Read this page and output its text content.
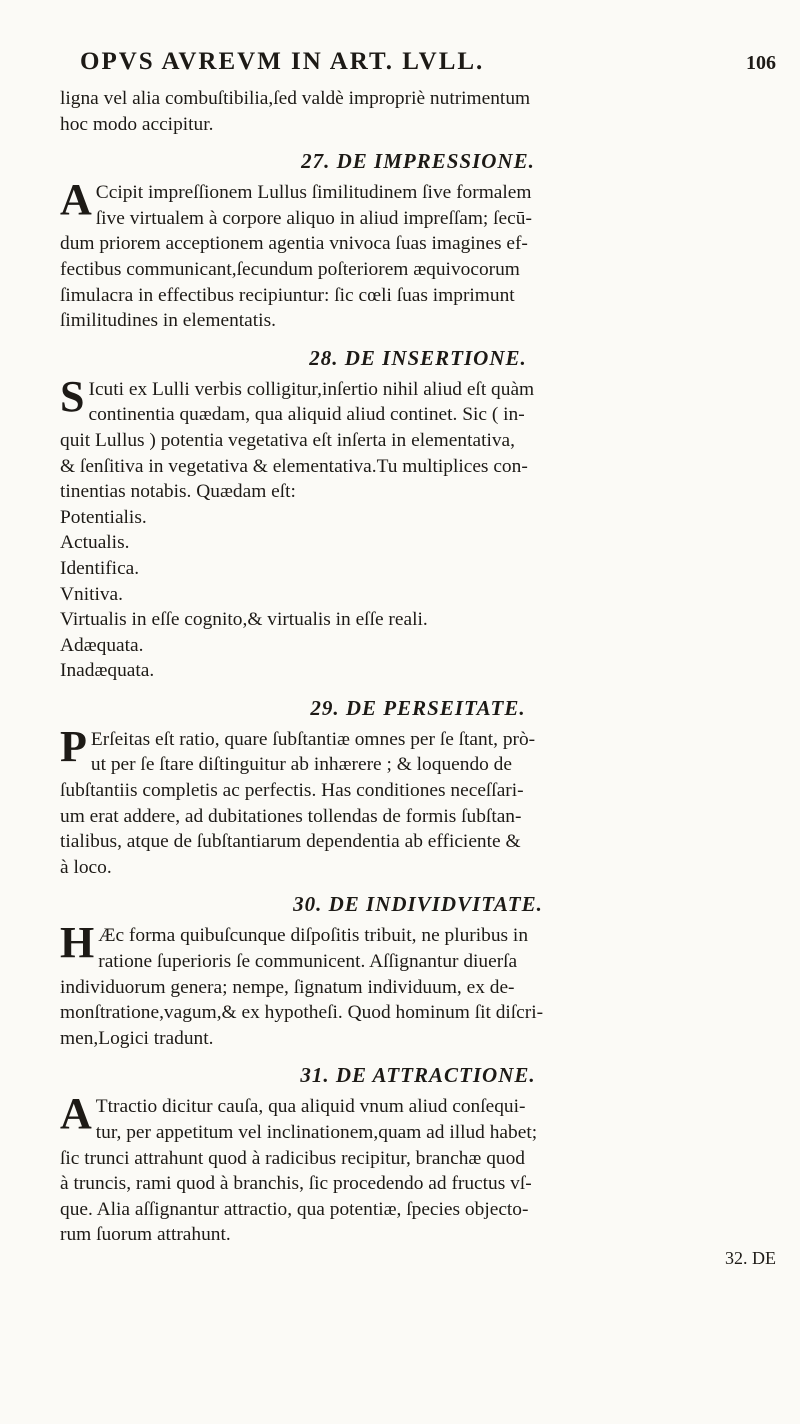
OPVS AVREVM IN ART. LVLL.	106

ligna vel alia combuſtibilia,ſed valdè impropriè nutrimentum
hoc modo accipitur.

27. DE IMPRESSIONE.

A Ccipit impreſſionem Lullus ſimilitudinem ſive formalem
ſive virtualem à corpore aliquo in aliud impreſſam; ſecū-
dum priorem acceptionem agentia vnivoca ſuas imagines ef-
fectibus communicant,ſecundum poſteriorem æquivocorum
ſimulacra in effectibus recipiuntur: ſic cœli ſuas imprimunt
ſimilitudines in elementatis.

28. DE INSERTIONE.

S Icuti ex Lulli verbis colligitur,inſertio nihil aliud eſt quàm
continentia quædam, qua aliquid aliud continet. Sic ( in-
quit Lullus ) potentia vegetativa eſt inſerta in elementativa,
& ſenſitiva in vegetativa & elementativa.Tu multiplices con-
tinentias notabis. Quædam eſt:

Potentialis.
Actualis.
Identifica.
Vnitiva.
Virtualis in eſſe cognito,& virtualis in eſſe reali.
Adæquata.
Inadæquata.
29. DE PERSEITATE.

P Erſeitas eſt ratio, quare ſubſtantiæ omnes per ſe ſtant, prò-
ut per ſe ſtare diſtinguitur ab inhærere ; & loquendo de
ſubſtantiis completis ac perfectis. Has conditiones neceſſari-
um erat addere, ad dubitationes tollendas de formis ſubſtan-
tialibus, atque de ſubſtantiarum dependentia ab efficiente &
à loco.

30. DE INDIVIDVITATE.

H Æc forma quibuſcunque diſpoſitis tribuit, ne pluribus in
ratione ſuperioris ſe communicent. Aſſignantur diuerſa
individuorum genera; nempe, ſignatum individuum, ex de-
monſtratione,vagum,& ex hypotheſi. Quod hominum ſit diſcri-
men,Logici tradunt.

31. DE ATTRACTIONE.

A Ttractio dicitur cauſa, qua aliquid vnum aliud conſequi-
tur, per appetitum vel inclinationem,quam ad illud habet;
ſic trunci attrahunt quod à radicibus recipitur, branchæ quod
à truncis, rami quod à branchis, ſic procedendo ad fructus vſ-
que. Alia aſſignantur attractio, qua potentiæ, ſpecies objecto-
rum ſuorum attrahunt.

32. DE
